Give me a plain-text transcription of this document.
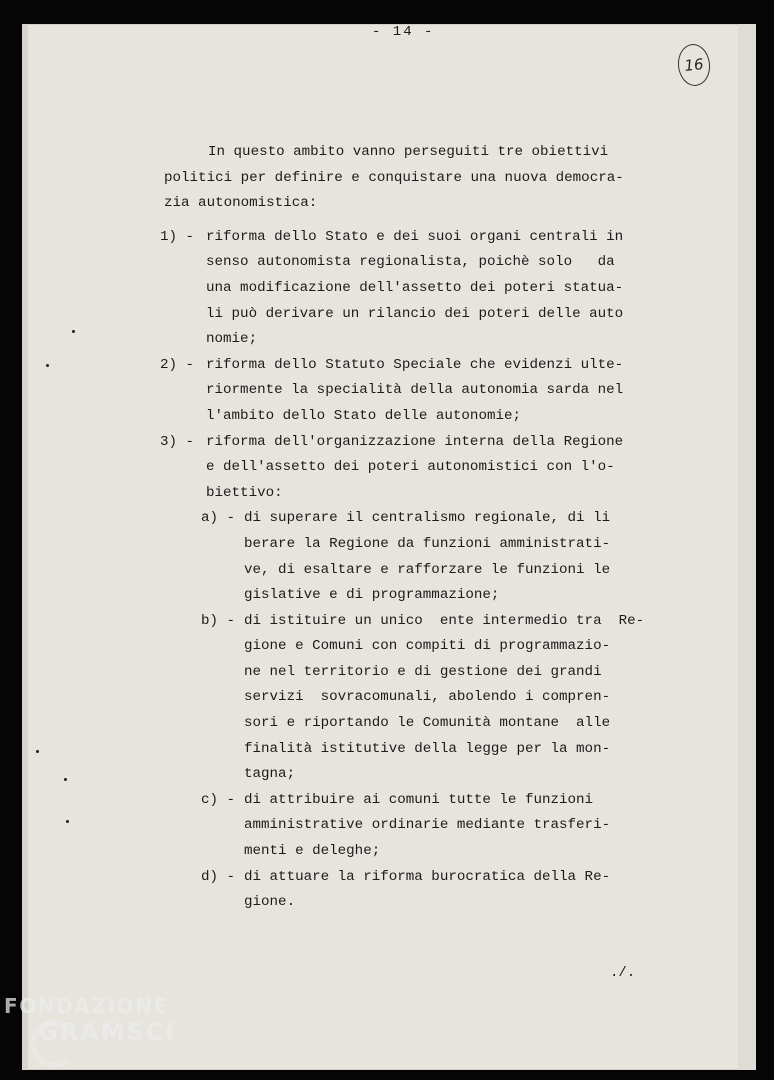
- 14 -
16
In questo ambito vanno perseguiti tre obiettivi
politici per definire e conquistare una nuova democra-
zia autonomistica:
1) - riforma dello Stato e dei suoi organi centrali in
senso autonomista regionalista, poichè solo   da
una modificazione dell'assetto dei poteri statua-
li può derivare un rilancio dei poteri delle auto
nomie;
2) - riforma dello Statuto Speciale che evidenzi ulte-
riormente la specialità della autonomia sarda nel
l'ambito dello Stato delle autonomie;
3) - riforma dell'organizzazione interna della Regione
e dell'assetto dei poteri autonomistici con l'o-
biettivo:
a) - di superare il centralismo regionale, di li
berare la Regione da funzioni amministrati-
ve, di esaltare e rafforzare le funzioni le
gislative e di programmazione;
b) - di istituire un unico  ente intermedio tra  Re-
gione e Comuni con compiti di programmazio-
ne nel territorio e di gestione dei grandi
servizi  sovracomunali, abolendo i compren-
sori e riportando le Comunità montane  alle
finalità istitutive della legge per la mon-
tagna;
c) - di attribuire ai comuni tutte le funzioni
amministrative ordinarie mediante trasferi-
menti e deleghe;
d) - di attuare la riforma burocratica della Re-
gione.
./.
FONDAZIONE
GRAMSCI
